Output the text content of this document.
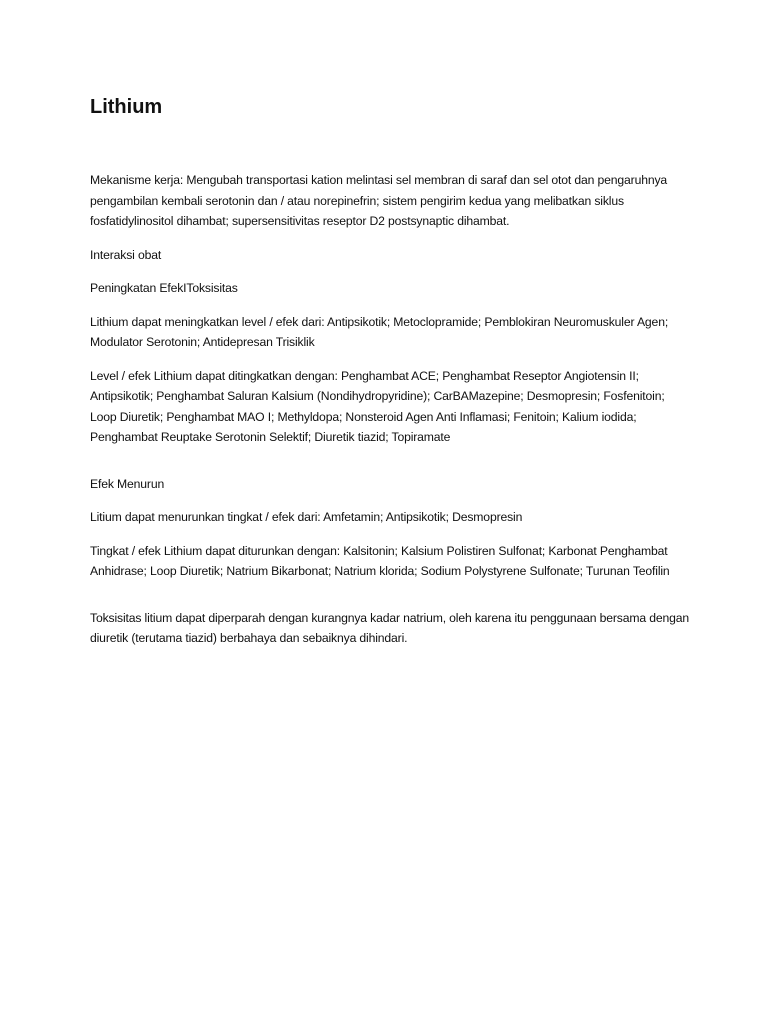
Lithium

Mekanisme kerja: Mengubah transportasi kation melintasi sel membran di saraf dan sel otot dan pengaruhnya pengambilan kembali serotonin dan / atau norepinefrin; sistem pengirim kedua yang melibatkan siklus fosfatidylinositol dihambat; supersensitivitas reseptor D2 postsynaptic dihambat.

Interaksi obat

Peningkatan EfekIToksisitas

Lithium dapat meningkatkan level / efek dari: Antipsikotik; Metoclopramide; Pemblokiran Neuromuskuler Agen; Modulator Serotonin; Antidepresan Trisiklik

Level / efek Lithium dapat ditingkatkan dengan: Penghambat ACE; Penghambat Reseptor Angiotensin II; Antipsikotik; Penghambat Saluran Kalsium (Nondihydropyridine); CarBAMazepine; Desmopresin; Fosfenitoin; Loop Diuretik; Penghambat MAO I; Methyldopa; Nonsteroid Agen Anti Inflamasi; Fenitoin; Kalium iodida; Penghambat Reuptake Serotonin Selektif; Diuretik tiazid; Topiramate

Efek Menurun

Litium dapat menurunkan tingkat / efek dari: Amfetamin; Antipsikotik; Desmopresin

Tingkat / efek Lithium dapat diturunkan dengan: Kalsitonin; Kalsium Polistiren Sulfonat; Karbonat Penghambat Anhidrase; Loop Diuretik; Natrium Bikarbonat; Natrium klorida; Sodium Polystyrene Sulfonate; Turunan Teofilin

Toksisitas litium dapat diperparah dengan kurangnya kadar natrium, oleh karena itu penggunaan bersama dengan diuretik (terutama tiazid) berbahaya dan sebaiknya dihindari.
